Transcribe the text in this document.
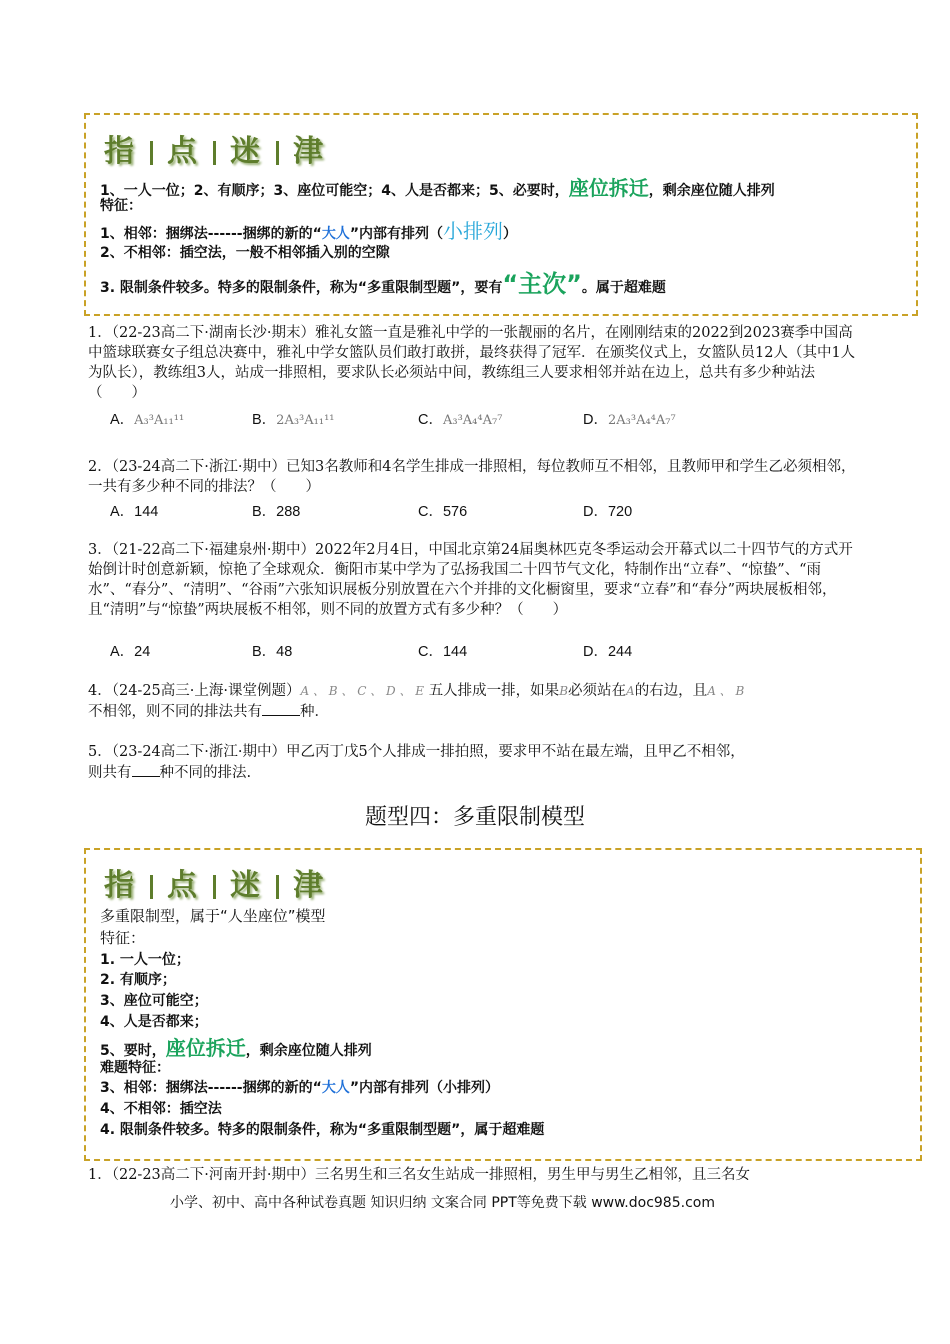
指 点 迷 津
1、一人一位；2、有顺序；3、座位可能空；4、人是否都来；5、必要时，座位拆迁，剩余座位随人排列
特征：
1、相邻：捆绑法------捆绑的新的“大人”内部有排列（小排列）
2、不相邻：插空法，一般不相邻插入别的空隙
3. 限制条件较多。特多的限制条件，称为“多重限制型题”，要有“主次”。属于超难题
1．（22-23高二下·湖南长沙·期末）雅礼女篮一直是雅礼中学的一张靓丽的名片，在刚刚结束的2022到2023赛季中国高中篮球联赛女子组总决赛中，雅礼中学女篮队员们敢打敢拼，最终获得了冠军．在颁奖仪式上，女篮队员12人（其中1人为队长），教练组3人，站成一排照相，要求队长必须站中间，教练组三人要求相邻并站在边上，总共有多少种站法（　　）
A．A₃³A₁₁¹¹	B．2A₃³A₁₁¹¹	C．A₃³A₄⁴A₇⁷	D．2A₃³A₄⁴A₇⁷
2．（23-24高二下·浙江·期中）已知3名教师和4名学生排成一排照相，每位教师互不相邻，且教师甲和学生乙必须相邻，一共有多少种不同的排法？（　　）
A．144	B．288	C．576	D．720
3．（21-22高二下·福建泉州·期中）2022年2月4日，中国北京第24届奥林匹克冬季运动会开幕式以二十四节气的方式开始倒计时创意新颖，惊艳了全球观众．衡阳市某中学为了弘扬我国二十四节气文化，特制作出“立春”、“惊蛰”、“雨水”、“春分”、“清明”、“谷雨”六张知识展板分别放置在六个并排的文化橱窗里，要求“立春”和“春分”两块展板相邻，且“清明”与“惊蛰”两块展板不相邻，则不同的放置方式有多少种？（　　）
A．24	B．48	C．144	D．244
4．（24-25高三·上海·课堂例题）A 、 B 、 C 、 D 、 E 五人排成一排，如果B必须站在A的右边，且A 、 B
不相邻，则不同的排法共有	种．
5．（23-24高二下·浙江·期中）甲乙丙丁戊5个人排成一排拍照，要求甲不站在最左端，且甲乙不相邻，
则共有 种不同的排法.
题型四：多重限制模型
指 点 迷 津
多重限制型，属于“人坐座位”模型
特征：
1. 一人一位；
2. 有顺序；
3、座位可能空；
4、人是否都来；
5、要时，座位拆迁，剩余座位随人排列
难题特征：
3、相邻：捆绑法------捆绑的新的“大人”内部有排列（小排列）
4、不相邻：插空法
4. 限制条件较多。特多的限制条件，称为“多重限制型题”，属于超难题
1．（22-23高二下·河南开封·期中）三名男生和三名女生站成一排照相，男生甲与男生乙相邻，且三名女
小学、初中、高中各种试卷真题 知识归纳 文案合同 PPT等免费下载 www.doc985.com
